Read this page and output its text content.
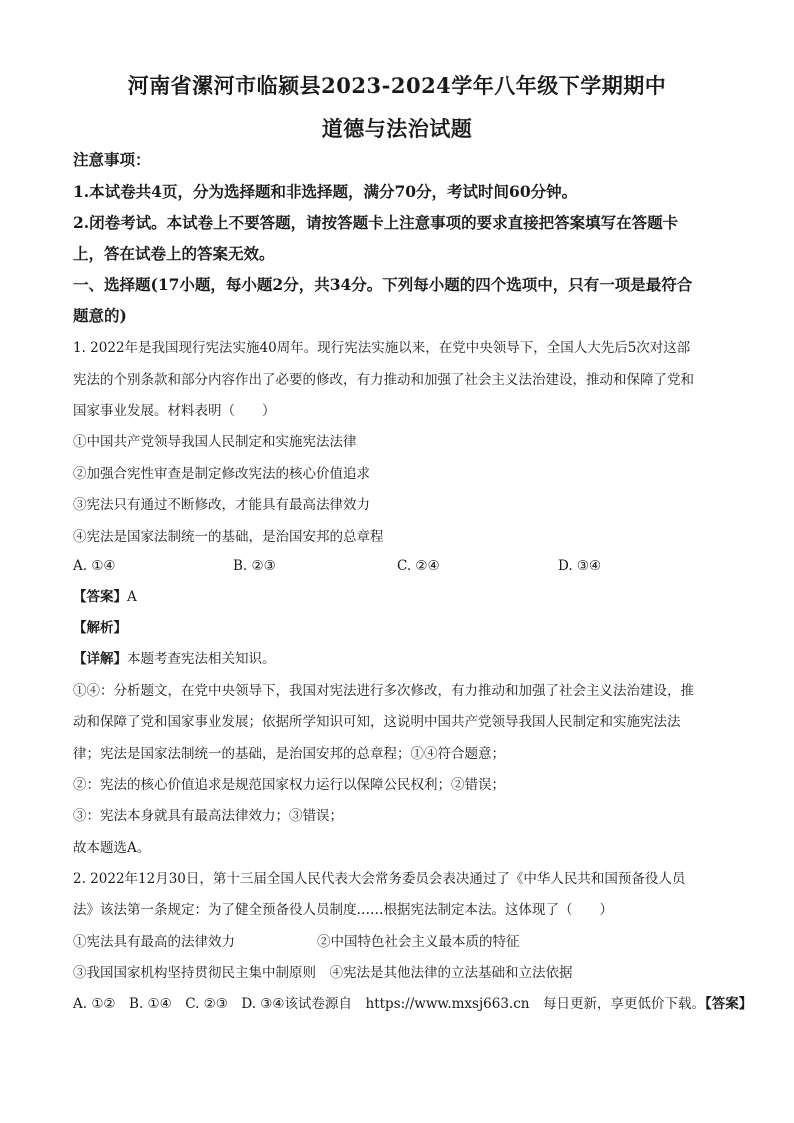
河南省漯河市临颍县2023-2024学年八年级下学期期中
道德与法治试题
注意事项：
1.本试卷共4页，分为选择题和非选择题，满分70分，考试时间60分钟。
2.闭卷考试。本试卷上不要答题，请按答题卡上注意事项的要求直接把答案填写在答题卡
上，答在试卷上的答案无效。
一、选择题(17小题，每小题2分，共34分。下列每小题的四个选项中，只有一项是最符合
题意的)
1. 2022年是我国现行宪法实施40周年。现行宪法实施以来，在党中央领导下，全国人大先后5次对这部
宪法的个别条款和部分内容作出了必要的修改，有力推动和加强了社会主义法治建设，推动和保障了党和
国家事业发展。材料表明（　　）
①中国共产党领导我国人民制定和实施宪法法律
②加强合宪性审查是制定修改宪法的核心价值追求
③宪法只有通过不断修改，才能具有最高法律效力
④宪法是国家法制统一的基础，是治国安邦的总章程
A. ①④	B. ②③	C. ②④	D. ③④
【答案】A
【解析】
【详解】本题考查宪法相关知识。
①④：分析题文，在党中央领导下，我国对宪法进行多次修改，有力推动和加强了社会主义法治建设，推
动和保障了党和国家事业发展；依据所学知识可知，这说明中国共产党领导我国人民制定和实施宪法法
律；宪法是国家法制统一的基础，是治国安邦的总章程；①④符合题意；
②：宪法的核心价值追求是规范国家权力运行以保障公民权利；②错误；
③：宪法本身就具有最高法律效力；③错误；
故本题选A。
2. 2022年12月30日，第十三届全国人民代表大会常务委员会表决通过了《中华人民共和国预备役人员
法》该法第一条规定：为了健全预备役人员制度……根据宪法制定本法。这体现了（　　）
①宪法具有最高的法律效力	②中国特色社会主义最本质的特征
③我国国家机构坚持贯彻民主集中制原则　 ④宪法是其他法律的立法基础和立法依据
A. ①②　B. ①④　C. ②③　D. ③④该试卷源自　https://www.mxsj663.cn　每日更新，享更低价下载。【答案】
